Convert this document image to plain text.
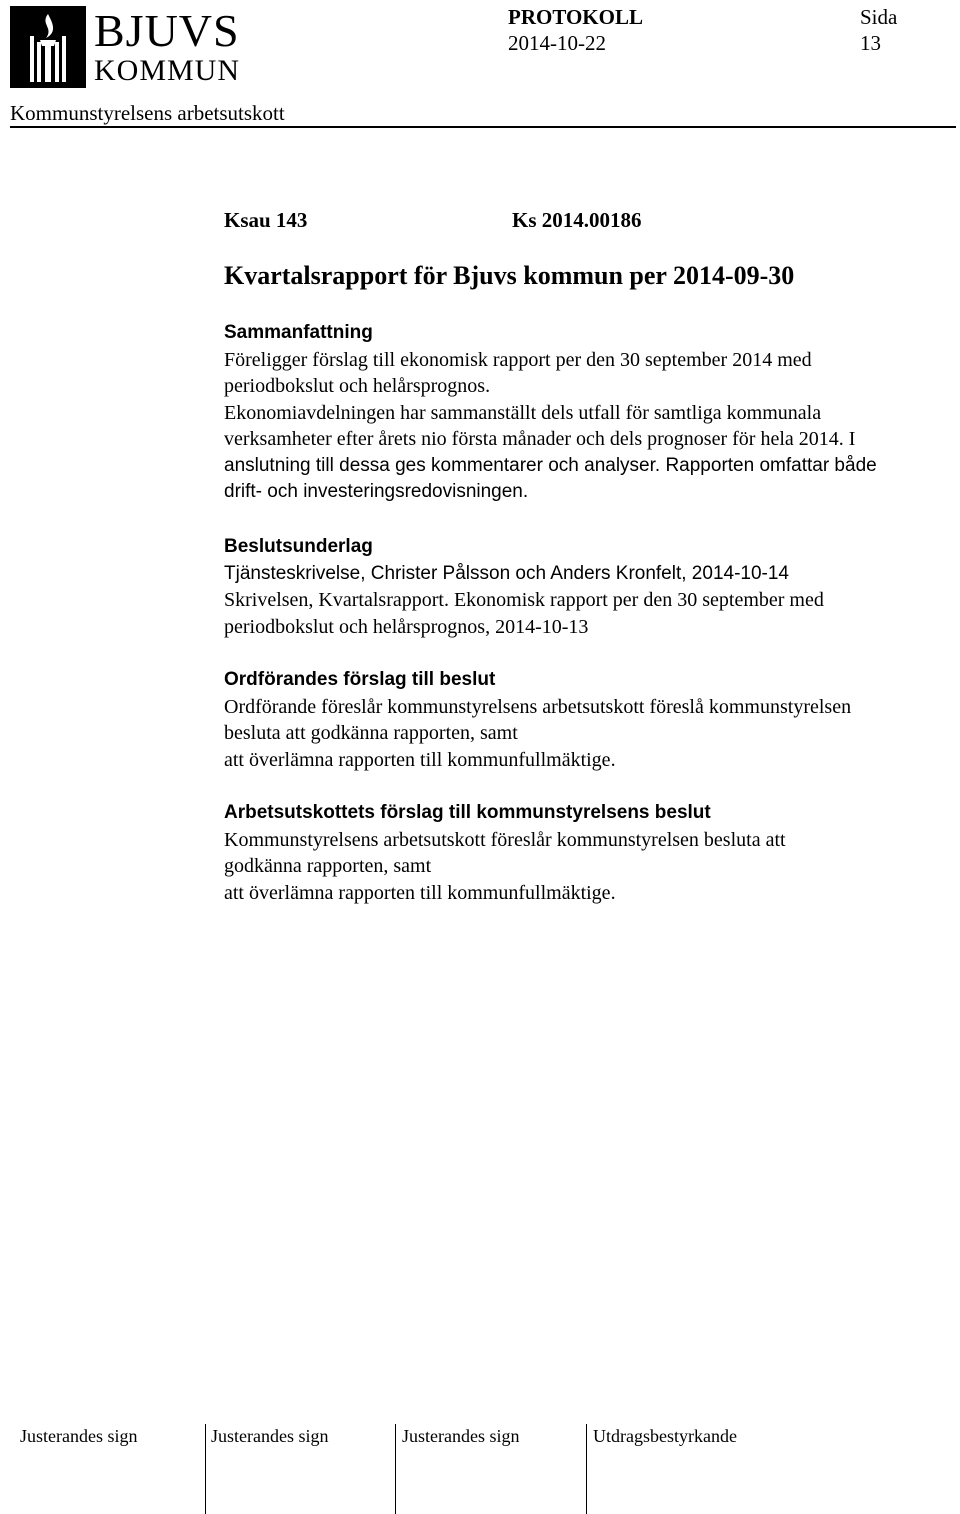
BJUVS
KOMMUN
PROTOKOLL
2014-10-22
Sida
13
Kommunstyrelsens arbetsutskott
Ksau 143	Ks 2014.00186
Kvartalsrapport för Bjuvs kommun per 2014-09-30
Sammanfattning

Föreligger förslag till ekonomisk rapport per den 30 september 2014 med

periodbokslut och helårsprognos.

Ekonomiavdelningen har sammanställt dels utfall för samtliga kommunala

verksamheter efter årets nio första månader och dels prognoser för hela 2014. I

anslutning till dessa ges kommentarer och analyser. Rapporten omfattar både

drift- och investeringsredovisningen.

Beslutsunderlag

Tjänsteskrivelse, Christer Pålsson och Anders Kronfelt, 2014-10-14

Skrivelsen, Kvartalsrapport. Ekonomisk rapport per den 30 september med

periodbokslut och helårsprognos, 2014-10-13

Ordförandes förslag till beslut

Ordförande föreslår kommunstyrelsens arbetsutskott föreslå kommunstyrelsen

besluta att godkänna rapporten, samt

att överlämna rapporten till kommunfullmäktige.

Arbetsutskottets förslag till kommunstyrelsens beslut

Kommunstyrelsens arbetsutskott föreslår kommunstyrelsen besluta att

godkänna rapporten, samt

att överlämna rapporten till kommunfullmäktige.

Justerandes sign	Justerandes sign	Justerandes sign	Utdragsbestyrkande
